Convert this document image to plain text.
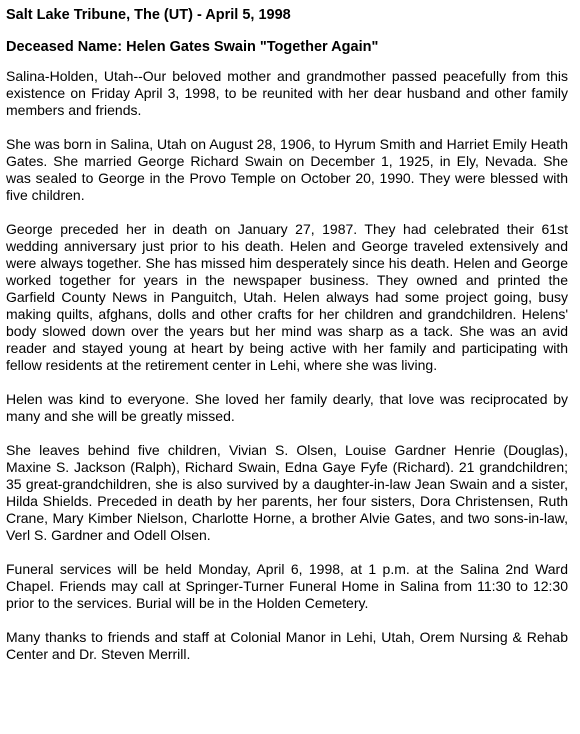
Salt Lake Tribune, The (UT) - April 5, 1998
Deceased Name: Helen Gates Swain "Together Again"

Salina-Holden, Utah--Our beloved mother and grandmother passed peacefully from this existence on Friday April 3, 1998, to be reunited with her dear husband and other family members and friends.

She was born in Salina, Utah on August 28, 1906, to Hyrum Smith and Harriet Emily Heath Gates. She married George Richard Swain on December 1, 1925, in Ely, Nevada. She was sealed to George in the Provo Temple on October 20, 1990. They were blessed with five children.

George preceded her in death on January 27, 1987. They had celebrated their 61st wedding anniversary just prior to his death. Helen and George traveled extensively and were always together. She has missed him desperately since his death. Helen and George worked together for years in the newspaper business. They owned and printed the Garfield County News in Panguitch, Utah. Helen always had some project going, busy making quilts, afghans, dolls and other crafts for her children and grandchildren. Helens' body slowed down over the years but her mind was sharp as a tack. She was an avid reader and stayed young at heart by being active with her family and participating with fellow residents at the retirement center in Lehi, where she was living.

Helen was kind to everyone. She loved her family dearly, that love was reciprocated by many and she will be greatly missed.

She leaves behind five children, Vivian S. Olsen, Louise Gardner Henrie (Douglas), Maxine S. Jackson (Ralph), Richard Swain, Edna Gaye Fyfe (Richard). 21 grandchildren; 35 great-grandchildren, she is also survived by a daughter-in-law Jean Swain and a sister, Hilda Shields. Preceded in death by her parents, her four sisters, Dora Christensen, Ruth Crane, Mary Kimber Nielson, Charlotte Horne, a brother Alvie Gates, and two sons-in-law, Verl S. Gardner and Odell Olsen.

Funeral services will be held Monday, April 6, 1998, at 1 p.m. at the Salina 2nd Ward Chapel. Friends may call at Springer-Turner Funeral Home in Salina from 11:30 to 12:30 prior to the services. Burial will be in the Holden Cemetery.

Many thanks to friends and staff at Colonial Manor in Lehi, Utah, Orem Nursing & Rehab Center and Dr. Steven Merrill.
